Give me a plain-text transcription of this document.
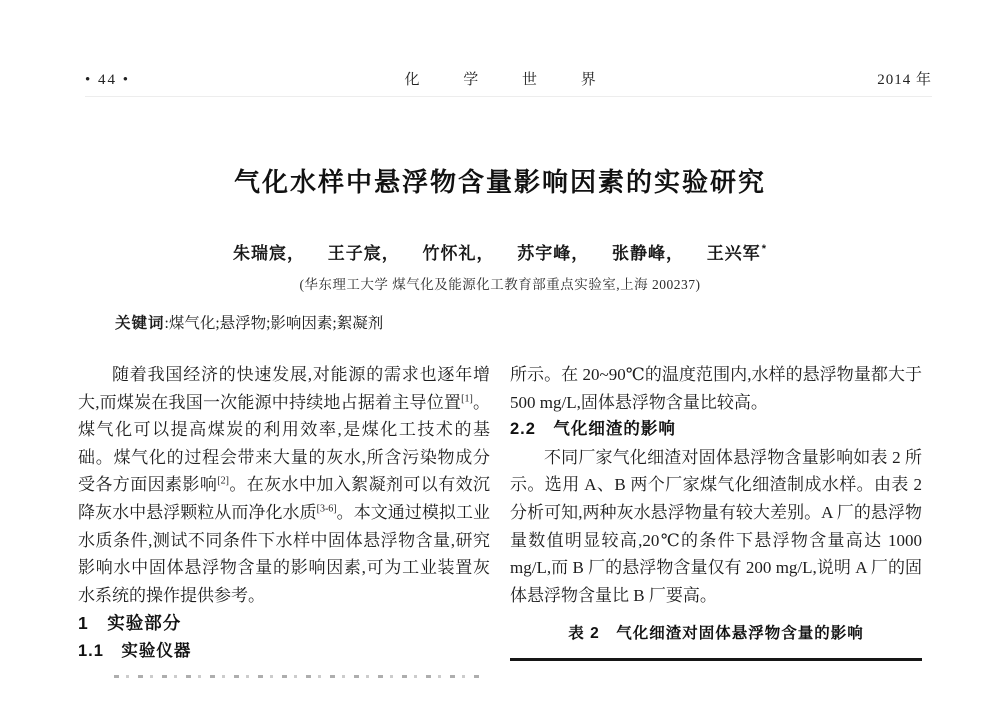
• 44 •	化 学 世 界	2014 年
气化水样中悬浮物含量影响因素的实验研究
朱瑞宸， 王子宸， 竹怀礼， 苏宇峰， 张静峰， 王兴军*
(华东理工大学 煤气化及能源化工教育部重点实验室,上海 200237)
关键词:煤气化;悬浮物;影响因素;絮凝剂

随着我国经济的快速发展,对能源的需求也逐年增大,而煤炭在我国一次能源中持续地占据着主导位置[1]。煤气化可以提高煤炭的利用效率,是煤化工技术的基础。煤气化的过程会带来大量的灰水,所含污染物成分受各方面因素影响[2]。在灰水中加入絮凝剂可以有效沉降灰水中悬浮颗粒从而净化水质[3-6]。本文通过模拟工业水质条件,测试不同条件下水样中固体悬浮物含量,研究影响水中固体悬浮物含量的影响因素,可为工业装置灰水系统的操作提供参考。

1　实验部分
1.1　实验仪器

所示。在 20~90℃的温度范围内,水样的悬浮物量都大于 500 mg/L,固体悬浮物含量比较高。

2.2　气化细渣的影响

不同厂家气化细渣对固体悬浮物含量影响如表 2 所示。选用 A、B 两个厂家煤气化细渣制成水样。由表 2 分析可知,两种灰水悬浮物量有较大差别。A 厂的悬浮物量数值明显较高,20℃的条件下悬浮物含量高达 1000 mg/L,而 B 厂的悬浮物含量仅有 200 mg/L,说明 A 厂的固体悬浮物含量比 B 厂要高。

表 2　气化细渣对固体悬浮物含量的影响
